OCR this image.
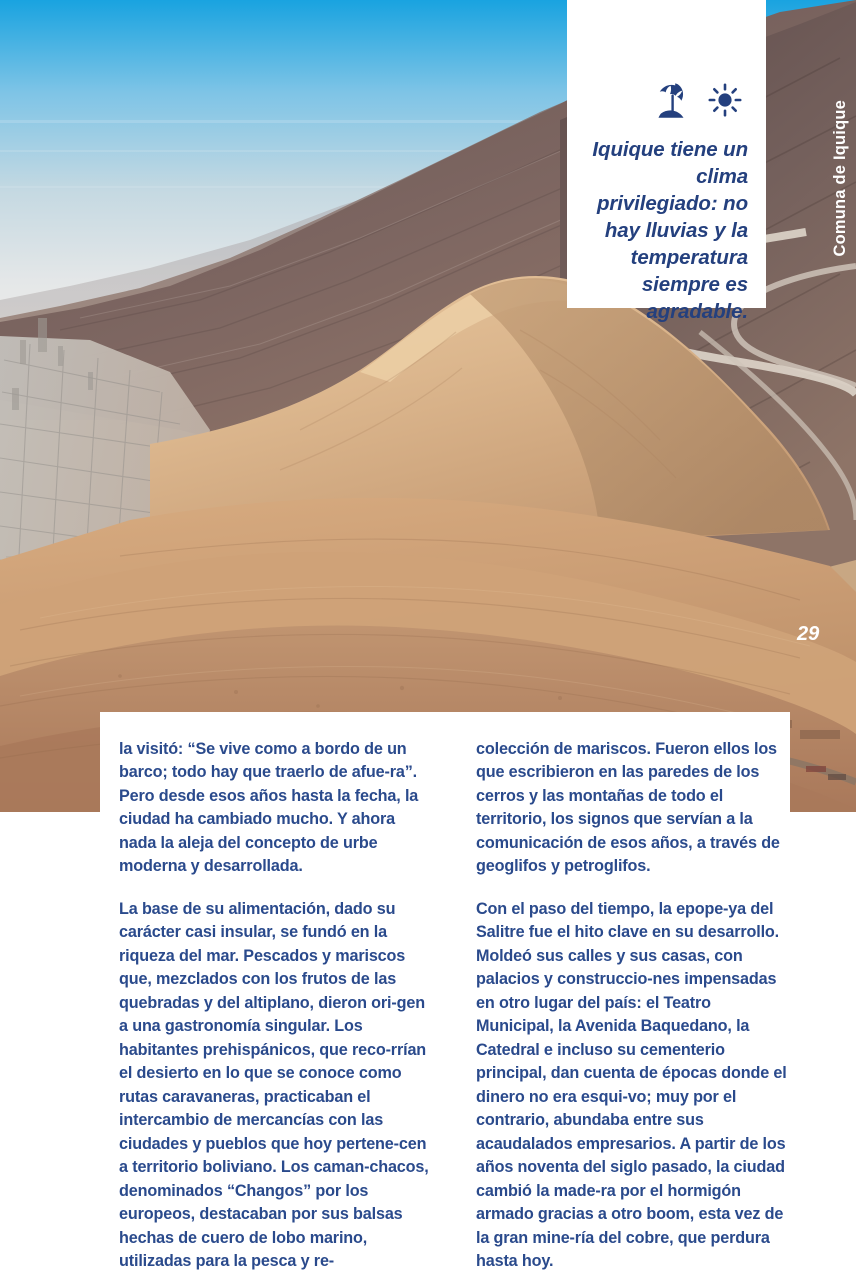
Iquique tiene un clima privilegiado: no hay lluvias y la temperatura siempre es agradable.
Comuna de Iquique
29

la visitó: “Se vive como a bordo de un barco; todo hay que traerlo de afue-ra”. Pero desde esos años hasta la fecha, la ciudad ha cambiado mucho. Y ahora nada la aleja del concepto de urbe moderna y desarrollada.

La base de su alimentación, dado su carácter casi insular, se fundó en la riqueza del mar. Pescados y mariscos que, mezclados con los frutos de las quebradas y del altiplano, dieron ori-gen a una gastronomía singular. Los habitantes prehispánicos, que reco-rrían el desierto en lo que se conoce como rutas caravaneras, practicaban el intercambio de mercancías con las ciudades y pueblos que hoy pertene-cen a territorio boliviano. Los caman-chacos, denominados “Changos” por los europeos, destacaban por sus balsas hechas de cuero de lobo marino, utilizadas para la pesca y re-

colección de mariscos. Fueron ellos los que escribieron en las paredes de los cerros y las montañas de todo el territorio, los signos que servían a la comunicación de esos años, a través de geoglifos y petroglifos.

Con el paso del tiempo, la epope-ya del Salitre fue el hito clave en su desarrollo. Moldeó sus calles y sus casas, con palacios y construccio-nes impensadas en otro lugar del país: el Teatro Municipal, la Avenida Baquedano, la Catedral e incluso su cementerio principal, dan cuenta de épocas donde el dinero no era esqui-vo; muy por el contrario, abundaba entre sus acaudalados empresarios. A partir de los años noventa del siglo pasado, la ciudad cambió la made-ra por el hormigón armado gracias a otro boom, esta vez de la gran mine-ría del cobre, que perdura hasta hoy.
